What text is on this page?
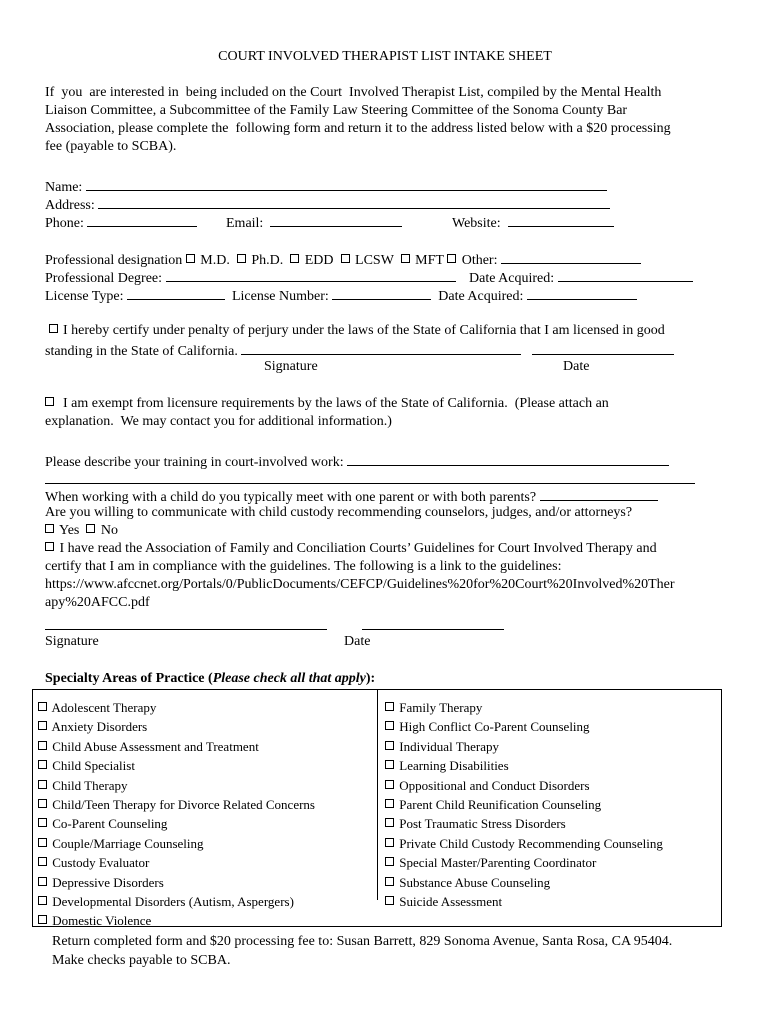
COURT INVOLVED THERAPIST LIST INTAKE SHEET
If  you  are interested in  being included on the Court  Involved Therapist List, compiled by the Mental Health
Liaison Committee, a Subcommittee of the Family Law Steering Committee of the Sonoma County Bar
Association, please complete the  following form and return it to the address listed below with a $20 processing
fee (payable to SCBA).
Name:
Address:
Phone:	Email:	Website:
Professional designation M.D. Ph.D. EDD LCSW MFT Other:
Professional Degree:	Date Acquired:
License Type:	License Number:	Date Acquired:
I hereby certify under penalty of perjury under the laws of the State of California that I am licensed in good
standing in the State of California.
Signature	Date
I am exempt from licensure requirements by the laws of the State of California.  (Please attach an
explanation.  We may contact you for additional information.)
Please describe your training in court-involved work:
When working with a child do you typically meet with one parent or with both parents?
Are you willing to communicate with child custody recommending counselors, judges, and/or attorneys?
Yes No
I have read the Association of Family and Conciliation Courts’ Guidelines for Court Involved Therapy and
certify that I am in compliance with the guidelines. The following is a link to the guidelines:
https://www.afccnet.org/Portals/0/PublicDocuments/CEFCP/Guidelines%20for%20Court%20Involved%20Ther
apy%20AFCC.pdf

Signature	Date
Specialty Areas of Practice (Please check all that apply):
Adolescent Therapy
Anxiety Disorders
Child Abuse Assessment and Treatment
Child Specialist
Child Therapy
Child/Teen Therapy for Divorce Related Concerns
Co-Parent Counseling
Couple/Marriage Counseling
Custody Evaluator
Depressive Disorders
Developmental Disorders (Autism, Aspergers)
Domestic Violence
Family Therapy
High Conflict Co-Parent Counseling
Individual Therapy
Learning Disabilities
Oppositional and Conduct Disorders
Parent Child Reunification Counseling
Post Traumatic Stress Disorders
Private Child Custody Recommending Counseling
Special Master/Parenting Coordinator
Substance Abuse Counseling
Suicide Assessment
Return completed form and $20 processing fee to: Susan Barrett, 829 Sonoma Avenue, Santa Rosa, CA 95404.
Make checks payable to SCBA.
